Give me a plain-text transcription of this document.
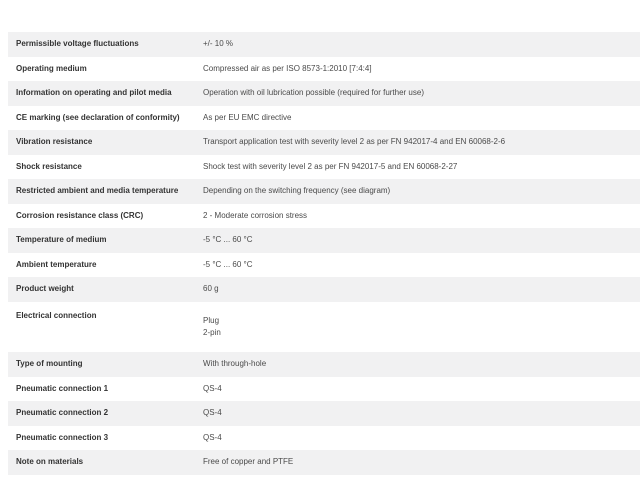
Permissible voltage fluctuations	+/- 10 %
Operating medium	Compressed air as per ISO 8573-1:2010 [7:4:4]
Information on operating and pilot media	Operation with oil lubrication possible (required for further use)
CE marking (see declaration of conformity)	As per EU EMC directive
Vibration resistance	Transport application test with severity level 2 as per FN 942017-4 and EN 60068-2-6
Shock resistance	Shock test with severity level 2 as per FN 942017-5 and EN 60068-2-27
Restricted ambient and media temperature	Depending on the switching frequency (see diagram)
Corrosion resistance class (CRC)	2 - Moderate corrosion stress
Temperature of medium	-5 °C ... 60 °C
Ambient temperature	-5 °C ... 60 °C
Product weight	60 g
Electrical connection	Plug
2-pin

Type of mounting	With through-hole
Pneumatic connection 1	QS-4
Pneumatic connection 2	QS-4
Pneumatic connection 3	QS-4
Note on materials	Free of copper and PTFE
